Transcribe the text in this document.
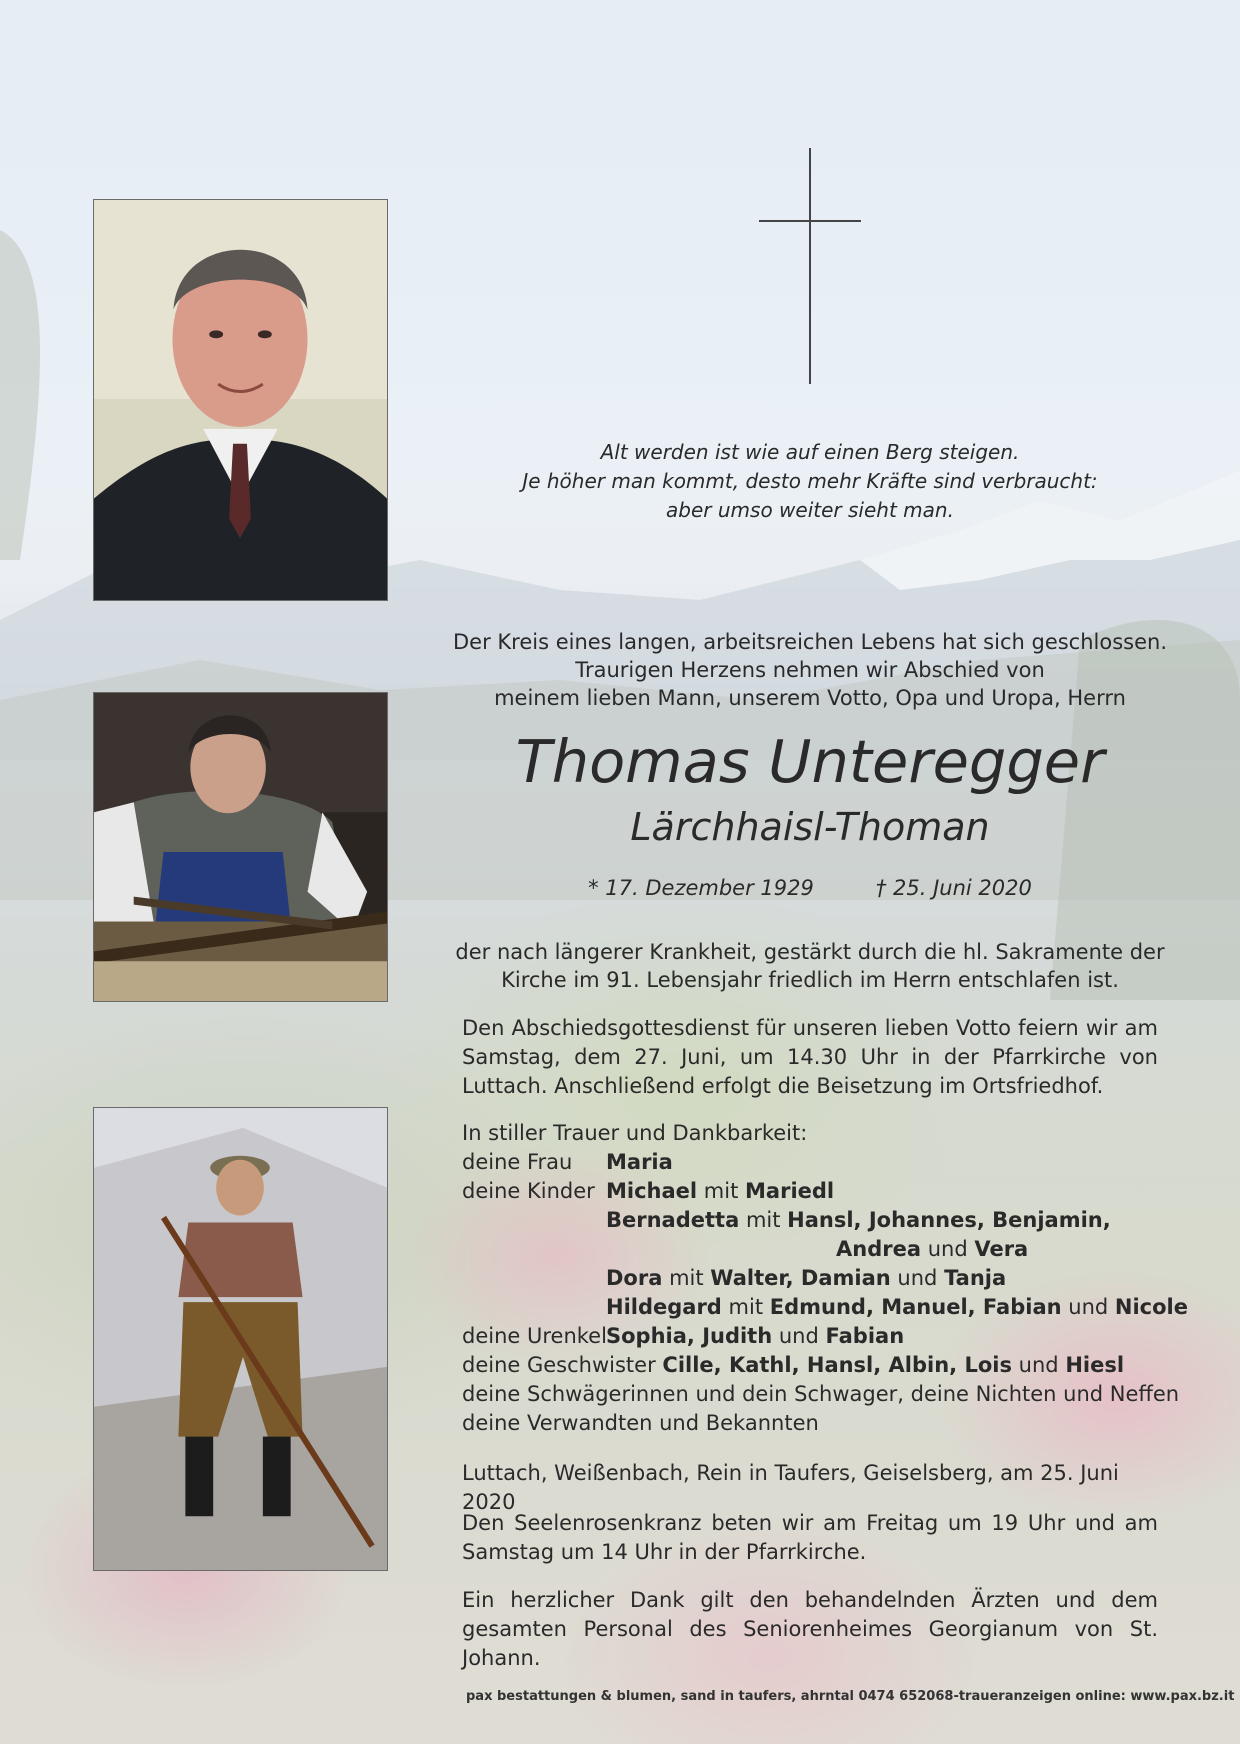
Alt werden ist wie auf einen Berg steigen.
Je höher man kommt, desto mehr Kräfte sind verbraucht:
aber umso weiter sieht man.
Der Kreis eines langen, arbeitsreichen Lebens hat sich geschlossen.
Traurigen Herzens nehmen wir Abschied von
meinem lieben Mann, unserem Votto, Opa und Uropa, Herrn
Thomas Unteregger
Lärchhaisl-Thoman
* 17. Dezember 1929	† 25. Juni 2020
der nach längerer Krankheit, gestärkt durch die hl. Sakramente der
Kirche im 91. Lebensjahr friedlich im Herrn entschlafen ist.
Den Abschiedsgottesdienst für unseren lieben Votto feiern wir am Samstag, dem 27. Juni, um 14.30 Uhr in der Pfarrkirche von Luttach. Anschließend erfolgt die Beisetzung im Ortsfriedhof.
In stiller Trauer und Dankbarkeit:
deine Frau Maria
deine Kinder Michael mit Mariedl
Bernadetta mit Hansl, Johannes, Benjamin,
Andrea und Vera
Dora mit Walter, Damian und Tanja
Hildegard mit Edmund, Manuel, Fabian und Nicole
deine Urenkel Sophia, Judith und Fabian
deine Geschwister Cille, Kathl, Hansl, Albin, Lois und Hiesl
deine Schwägerinnen und dein Schwager, deine Nichten und Neffen
deine Verwandten und Bekannten
Luttach, Weißenbach, Rein in Taufers, Geiselsberg, am 25. Juni 2020
Den Seelenrosenkranz beten wir am Freitag um 19 Uhr und am Samstag um 14 Uhr in der Pfarrkirche.
Ein herzlicher Dank gilt den behandelnden Ärzten und dem gesamten Personal des Seniorenheimes Georgianum von St. Johann.
pax bestattungen & blumen, sand in taufers, ahrntal 0474 652068-traueranzeigen online: www.pax.bz.it
